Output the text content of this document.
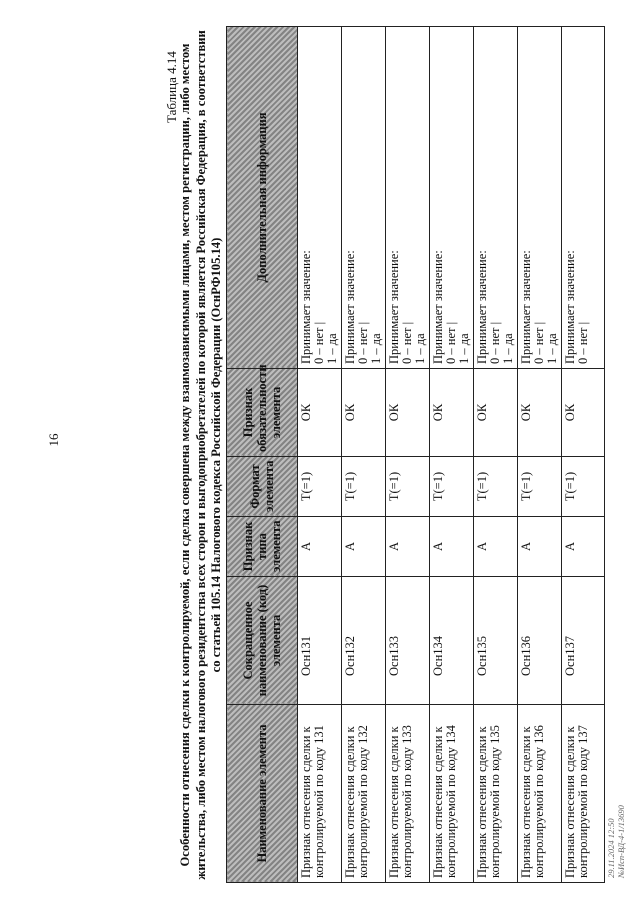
16
Таблица 4.14 Особенности отнесения сделки к контролируемой, если сделка совершена между взаимозависимыми лицами, местом регистрации, либо местом жительства, либо местом налогового резидентства всех сторон и выгодоприобретателей по которой является Российская Федерация, в соответствии со статьей 105.14 Налогового кодекса Российской Федерации (ОснРФ105.14)
Наименование элемента	Сокращенное наименование (код) элемента	Признак типа элемента	Формат элемента	Признак обязательности элемента	Дополнительная информация
Признак отнесения сделки к контролируемой по коду 131	Осн131	А	T(=1)	ОК	Принимает значение: 0 – нет | 1 – да

Признак отнесения сделки к контролируемой по коду 132	Осн132	А	T(=1)	ОК	Принимает значение: 0 – нет | 1 – да

Признак отнесения сделки к контролируемой по коду 133	Осн133	А	T(=1)	ОК	Принимает значение: 0 – нет | 1 – да

Признак отнесения сделки к контролируемой по коду 134	Осн134	А	T(=1)	ОК	Принимает значение: 0 – нет | 1 – да

Признак отнесения сделки к контролируемой по коду 135	Осн135	А	T(=1)	ОК	Принимает значение: 0 – нет | 1 – да

Признак отнесения сделки к контролируемой по коду 136	Осн136	А	T(=1)	ОК	Принимает значение: 0 – нет | 1 – да

Признак отнесения сделки к контролируемой по коду 137	Осн137	А	T(=1)	ОК	Принимает значение: 0 – нет |
29.11.2024 12:50 №Исп-ВД-4-1/13690
